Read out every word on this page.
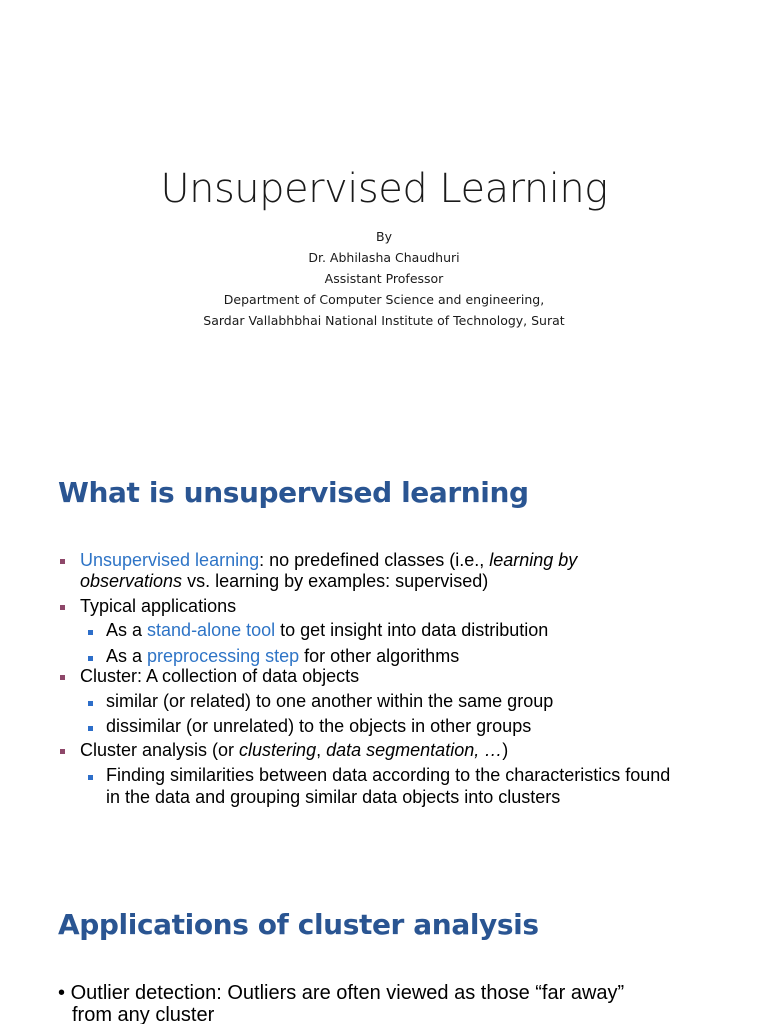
Unsupervised Learning
By
Dr. Abhilasha Chaudhuri
Assistant Professor
Department of Computer Science and engineering,
Sardar Vallabhbhai National Institute of Technology, Surat
What is unsupervised learning
Unsupervised learning: no predefined classes (i.e., learning by
observations vs. learning by examples: supervised)
Typical applications
As a stand-alone tool to get insight into data distribution
As a preprocessing step for other algorithms
Cluster: A collection of data objects
similar (or related) to one another within the same group
dissimilar (or unrelated) to the objects in other groups
Cluster analysis (or clustering, data segmentation, …)
Finding similarities between data according to the characteristics found
in the data and grouping similar data objects into clusters
Applications of cluster analysis
• Outlier detection: Outliers are often viewed as those “far away”
from any cluster
